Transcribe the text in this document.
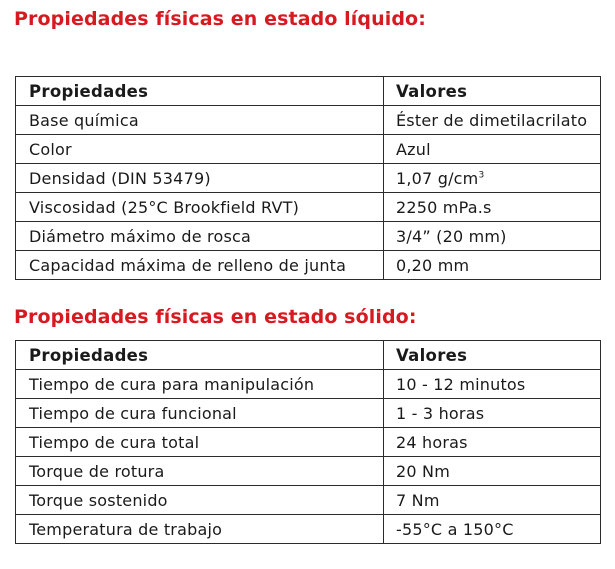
Propiedades físicas en estado líquido:
Propiedades	Valores
Base química	Éster de dimetilacrilato
Color	Azul
Densidad (DIN 53479)	1,07 $g/cm^3$
Viscosidad (25°C Brookfield RVT)	2250 mPa.s
Diámetro máximo de rosca	3/4” (20 mm)
Capacidad máxima de relleno de junta	0,20 mm
Propiedades físicas en estado sólido:
Propiedades	Valores
Tiempo de cura para manipulación	10 - 12 minutos
Tiempo de cura funcional	1 - 3 horas
Tiempo de cura total	24 horas
Torque de rotura	20 Nm
Torque sostenido	7 Nm
Temperatura de trabajo	-55°C a 150°C
